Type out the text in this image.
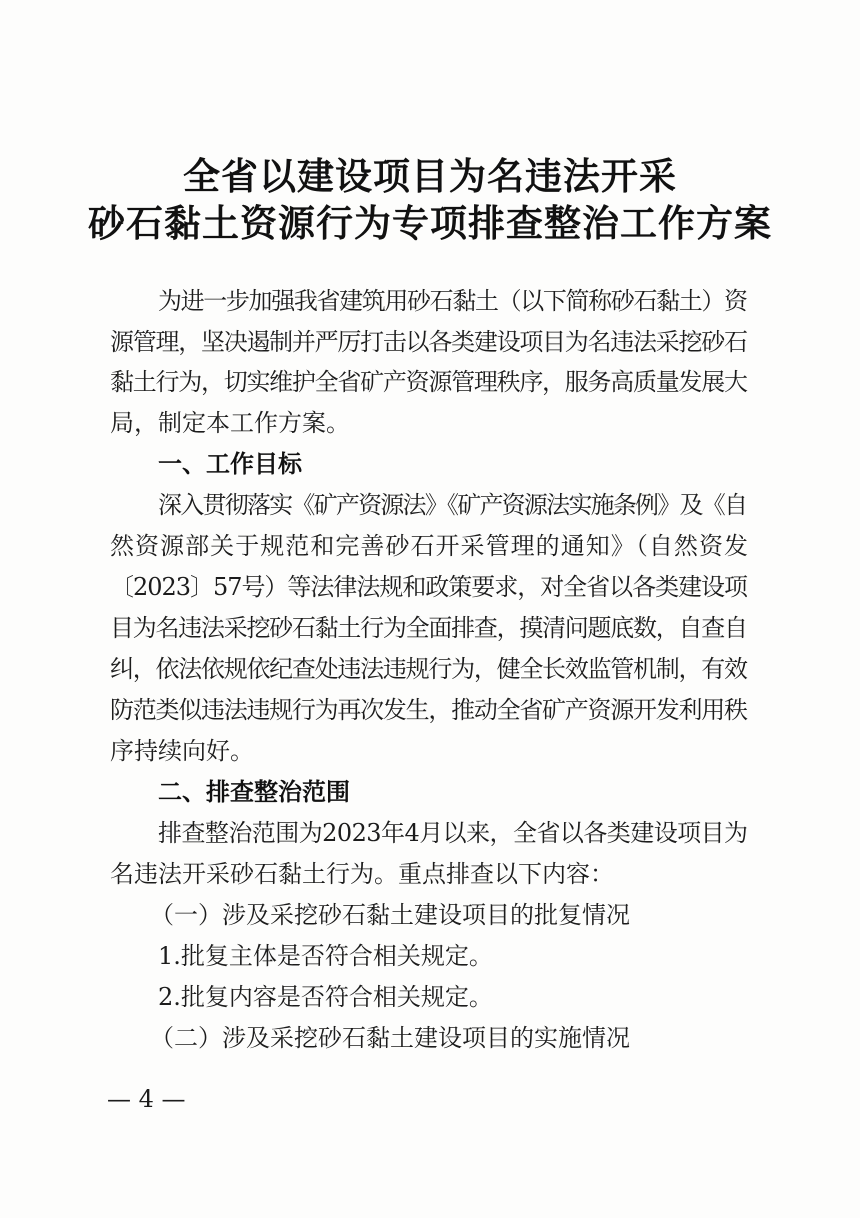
全省以建设项目为名违法开采
砂石黏土资源行为专项排查整治工作方案
为进一步加强我省建筑用砂石黏土（以下简称砂石黏土）资
源管理，坚决遏制并严厉打击以各类建设项目为名违法采挖砂石
黏土行为，切实维护全省矿产资源管理秩序，服务高质量发展大
局，制定本工作方案。
一、工作目标
深入贯彻落实《矿产资源法》《矿产资源法实施条例》及《自
然资源部关于规范和完善砂石开采管理的通知》（自然资发
〔2023〕57号）等法律法规和政策要求，对全省以各类建设项
目为名违法采挖砂石黏土行为全面排查，摸清问题底数，自查自
纠，依法依规依纪查处违法违规行为，健全长效监管机制，有效
防范类似违法违规行为再次发生，推动全省矿产资源开发利用秩
序持续向好。
二、排查整治范围
排查整治范围为2023年4月以来，全省以各类建设项目为
名违法开采砂石黏土行为。重点排查以下内容：
（一）涉及采挖砂石黏土建设项目的批复情况
1.批复主体是否符合相关规定。
2.批复内容是否符合相关规定。
（二）涉及采挖砂石黏土建设项目的实施情况
— 4 —
